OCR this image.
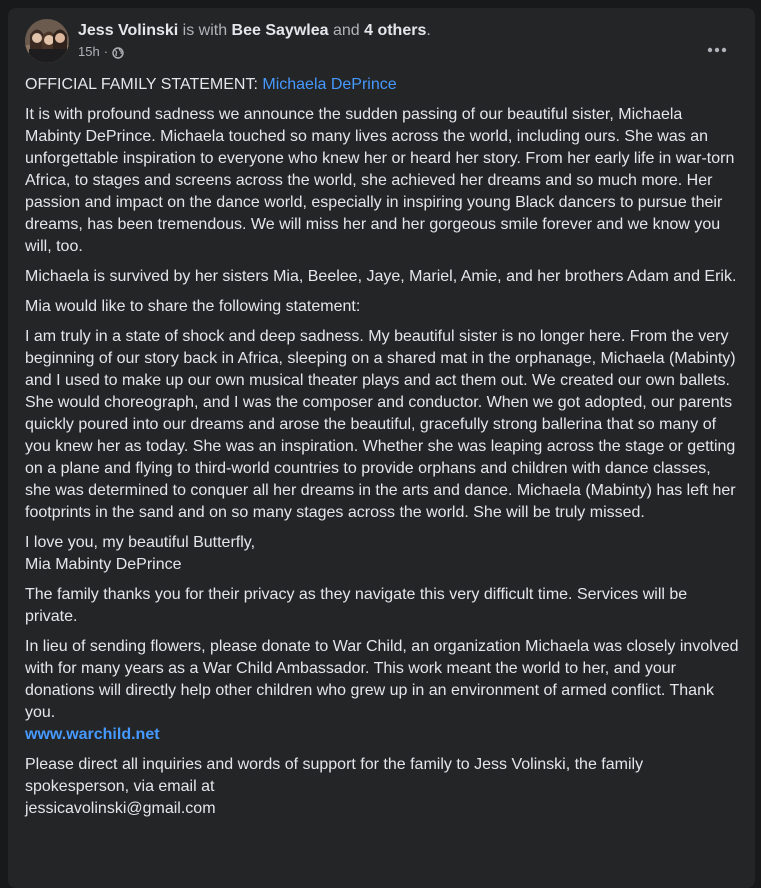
Jess Volinski is with Bee Saywlea and 4 others.
15h ·

OFFICIAL FAMILY STATEMENT: Michaela DePrince

It is with profound sadness we announce the sudden passing of our beautiful sister, Michaela Mabinty DePrince. Michaela touched so many lives across the world, including ours. She was an unforgettable inspiration to everyone who knew her or heard her story. From her early life in war-torn Africa, to stages and screens across the world, she achieved her dreams and so much more. Her passion and impact on the dance world, especially in inspiring young Black dancers to pursue their dreams, has been tremendous. We will miss her and her gorgeous smile forever and we know you will, too.

Michaela is survived by her sisters Mia, Beelee, Jaye, Mariel, Amie, and her brothers Adam and Erik.

Mia would like to share the following statement:

I am truly in a state of shock and deep sadness. My beautiful sister is no longer here. From the very beginning of our story back in Africa, sleeping on a shared mat in the orphanage, Michaela (Mabinty) and I used to make up our own musical theater plays and act them out. We created our own ballets. She would choreograph, and I was the composer and conductor. When we got adopted, our parents quickly poured into our dreams and arose the beautiful, gracefully strong ballerina that so many of you knew her as today. She was an inspiration. Whether she was leaping across the stage or getting on a plane and flying to third-world countries to provide orphans and children with dance classes, she was determined to conquer all her dreams in the arts and dance. Michaela (Mabinty) has left her footprints in the sand and on so many stages across the world. She will be truly missed.

I love you, my beautiful Butterfly,
Mia Mabinty DePrince

The family thanks you for their privacy as they navigate this very difficult time. Services will be private.

In lieu of sending flowers, please donate to War Child, an organization Michaela was closely involved with for many years as a War Child Ambassador. This work meant the world to her, and your donations will directly help other children who grew up in an environment of armed conflict. Thank you.
www.warchild.net

Please direct all inquiries and words of support for the family to Jess Volinski, the family spokesperson, via email at
jessicavolinski@gmail.com
